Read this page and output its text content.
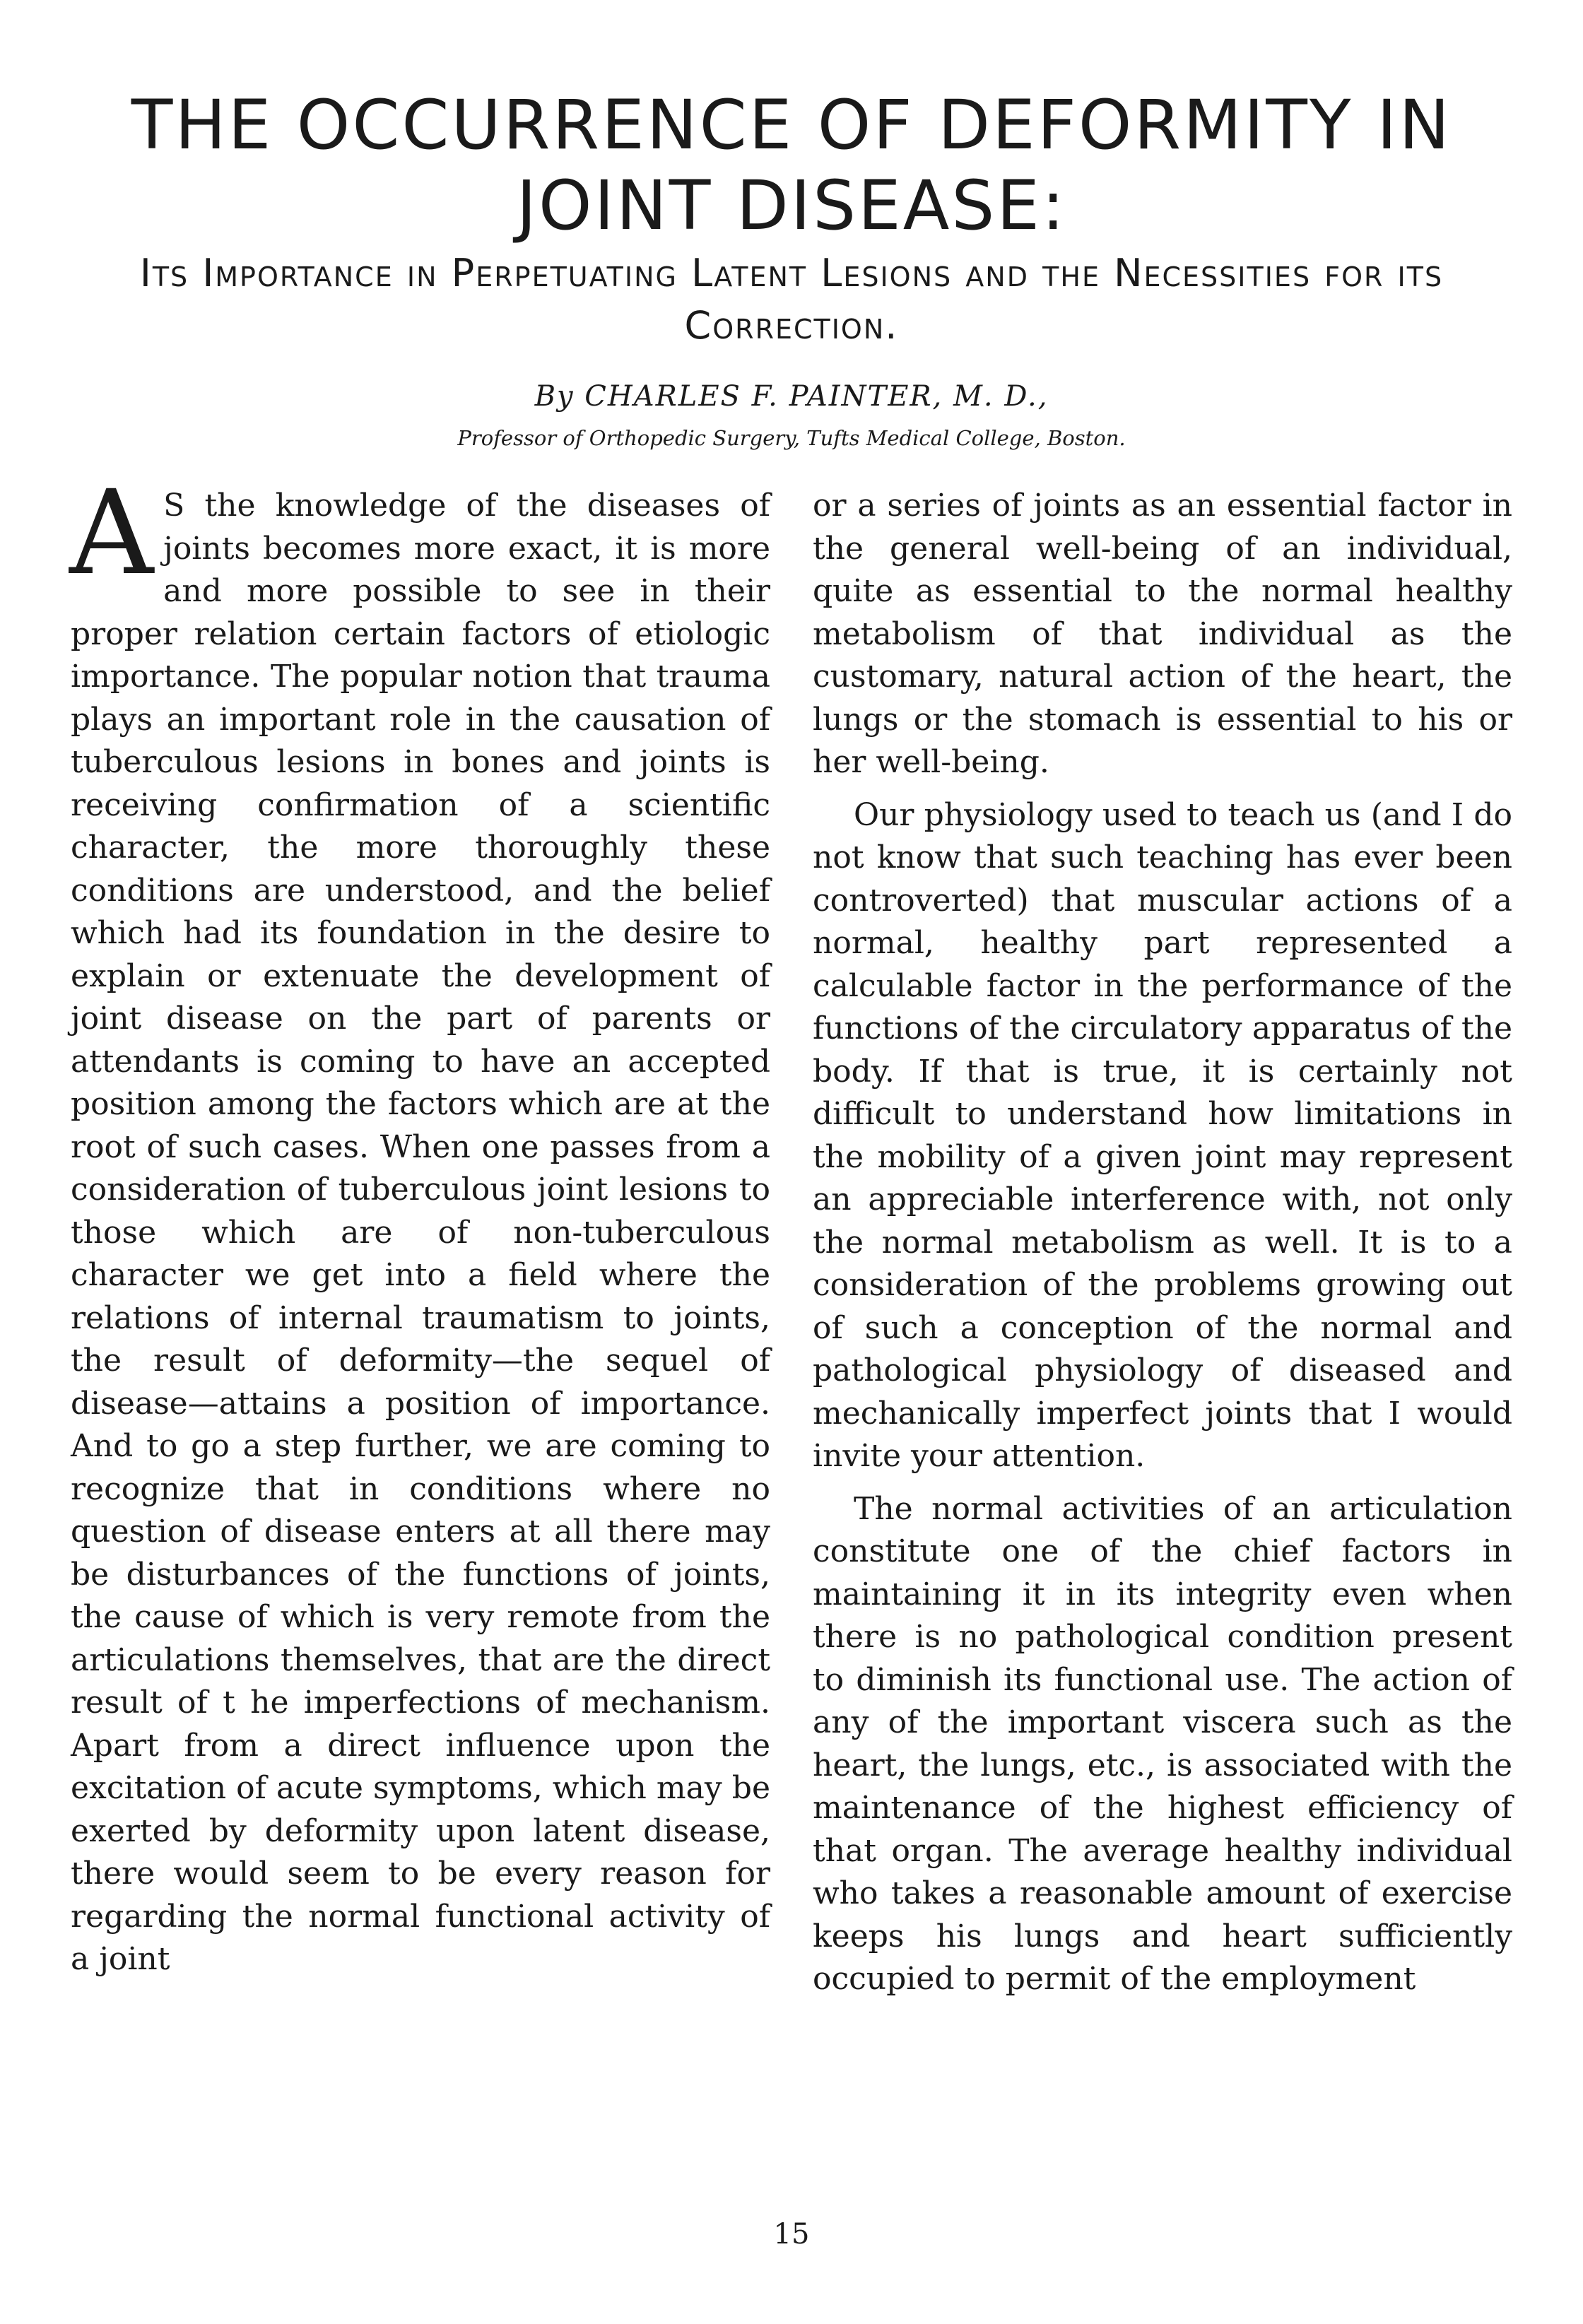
THE OCCURRENCE OF DEFORMITY IN JOINT DISEASE:

Its Importance in Perpetuating Latent Lesions and the Necessities for its Correction.

By CHARLES F. PAINTER, M. D.,
Professor of Orthopedic Surgery, Tufts Medical College, Boston.

A S the knowledge of the diseases of joints becomes more exact, it is more and more possible to see in their proper relation certain factors of etiologic importance. The popular notion that trauma plays an important role in the causation of tuberculous lesions in bones and joints is receiving confirmation of a scientific character, the more thoroughly these conditions are understood, and the belief which had its foundation in the desire to explain or extenuate the development of joint disease on the part of parents or attendants is coming to have an accepted position among the factors which are at the root of such cases. When one passes from a consideration of tuberculous joint lesions to those which are of non-tuberculous character we get into a field where the relations of internal traumatism to joints, the result of deformity—the sequel of disease—attains a position of importance. And to go a step further, we are coming to recognize that in conditions where no question of disease enters at all there may be disturbances of the functions of joints, the cause of which is very remote from the articulations themselves, that are the direct result of t he imperfections of mechanism. Apart from a direct influence upon the excitation of acute symptoms, which may be exerted by deformity upon latent disease, there would seem to be every reason for regarding the normal functional activity of a joint

or a series of joints as an essential factor in the general well-being of an individual, quite as essential to the normal healthy metabolism of that individual as the customary, natural action of the heart, the lungs or the stomach is essential to his or her well-being.

Our physiology used to teach us (and I do not know that such teaching has ever been controverted) that muscular actions of a normal, healthy part represented a calculable factor in the performance of the functions of the circulatory apparatus of the body. If that is true, it is certainly not difficult to understand how limitations in the mobility of a given joint may represent an appreciable interference with, not only the normal metabolism as well. It is to a consideration of the problems growing out of such a conception of the normal and pathological physiology of diseased and mechanically imperfect joints that I would invite your attention.

The normal activities of an articulation constitute one of the chief factors in maintaining it in its integrity even when there is no pathological condition present to diminish its functional use. The action of any of the important viscera such as the heart, the lungs, etc., is associated with the maintenance of the highest efficiency of that organ. The average healthy individual who takes a reasonable amount of exercise keeps his lungs and heart sufficiently occupied to permit of the employment

15
